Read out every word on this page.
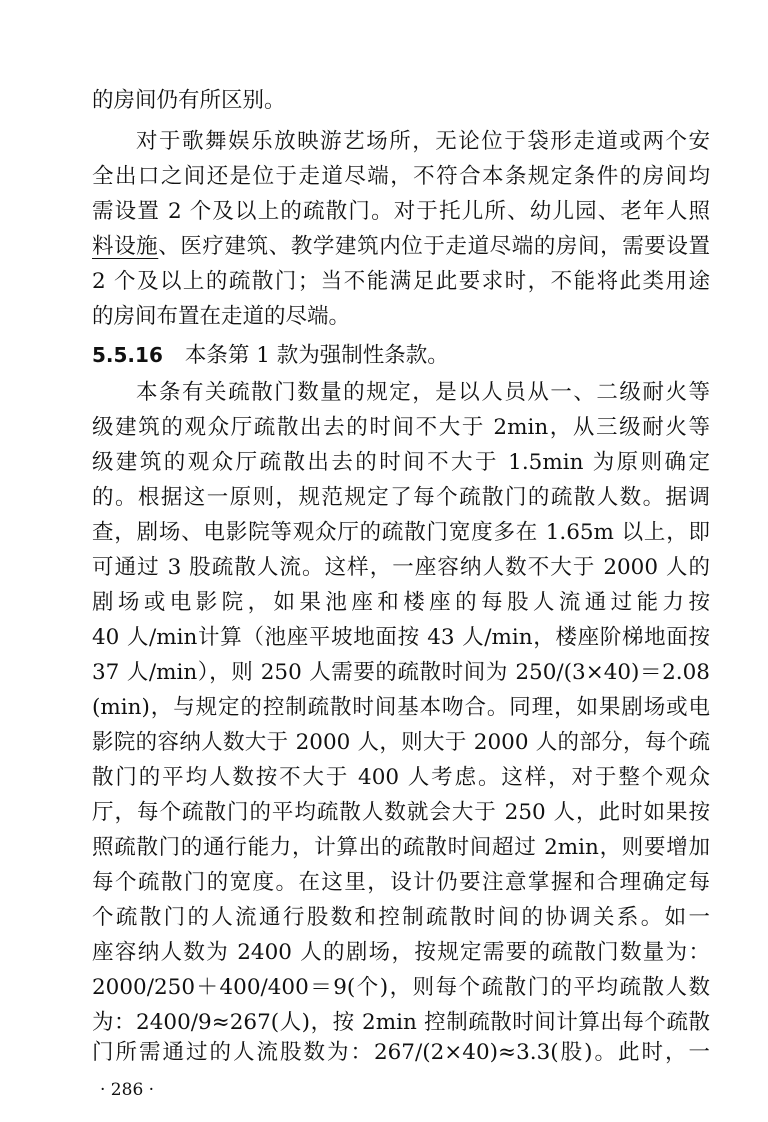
的房间仍有所区别。
对于歌舞娱乐放映游艺场所，无论位于袋形走道或两个安
全出口之间还是位于走道尽端，不符合本条规定条件的房间均
需设置 2 个及以上的疏散门。对于托儿所、幼儿园、老年人照
料设施、医疗建筑、教学建筑内位于走道尽端的房间，需要设置
2 个及以上的疏散门；当不能满足此要求时，不能将此类用途
的房间布置在走道的尽端。
5.5.16 本条第 1 款为强制性条款。
本条有关疏散门数量的规定，是以人员从一、二级耐火等
级建筑的观众厅疏散出去的时间不大于 2min，从三级耐火等
级建筑的观众厅疏散出去的时间不大于 1.5min 为原则确定
的。根据这一原则，规范规定了每个疏散门的疏散人数。据调
查，剧场、电影院等观众厅的疏散门宽度多在 1.65m 以上，即
可通过 3 股疏散人流。这样，一座容纳人数不大于 2000 人的
剧场或电影院，如果池座和楼座的每股人流通过能力按
40 人/min计算（池座平坡地面按 43 人/min，楼座阶梯地面按
37 人/min），则 250 人需要的疏散时间为 250/(3×40)＝2.08
(min)，与规定的控制疏散时间基本吻合。同理，如果剧场或电
影院的容纳人数大于 2000 人，则大于 2000 人的部分，每个疏
散门的平均人数按不大于 400 人考虑。这样，对于整个观众
厅，每个疏散门的平均疏散人数就会大于 250 人，此时如果按
照疏散门的通行能力，计算出的疏散时间超过 2min，则要增加
每个疏散门的宽度。在这里，设计仍要注意掌握和合理确定每
个疏散门的人流通行股数和控制疏散时间的协调关系。如一
座容纳人数为 2400 人的剧场，按规定需要的疏散门数量为：
2000/250＋400/400＝9(个)，则每个疏散门的平均疏散人数
为：2400/9≈267(人)，按 2min 控制疏散时间计算出每个疏散
门所需通过的人流股数为：267/(2×40)≈3.3(股)。此时，一
· 286 ·
